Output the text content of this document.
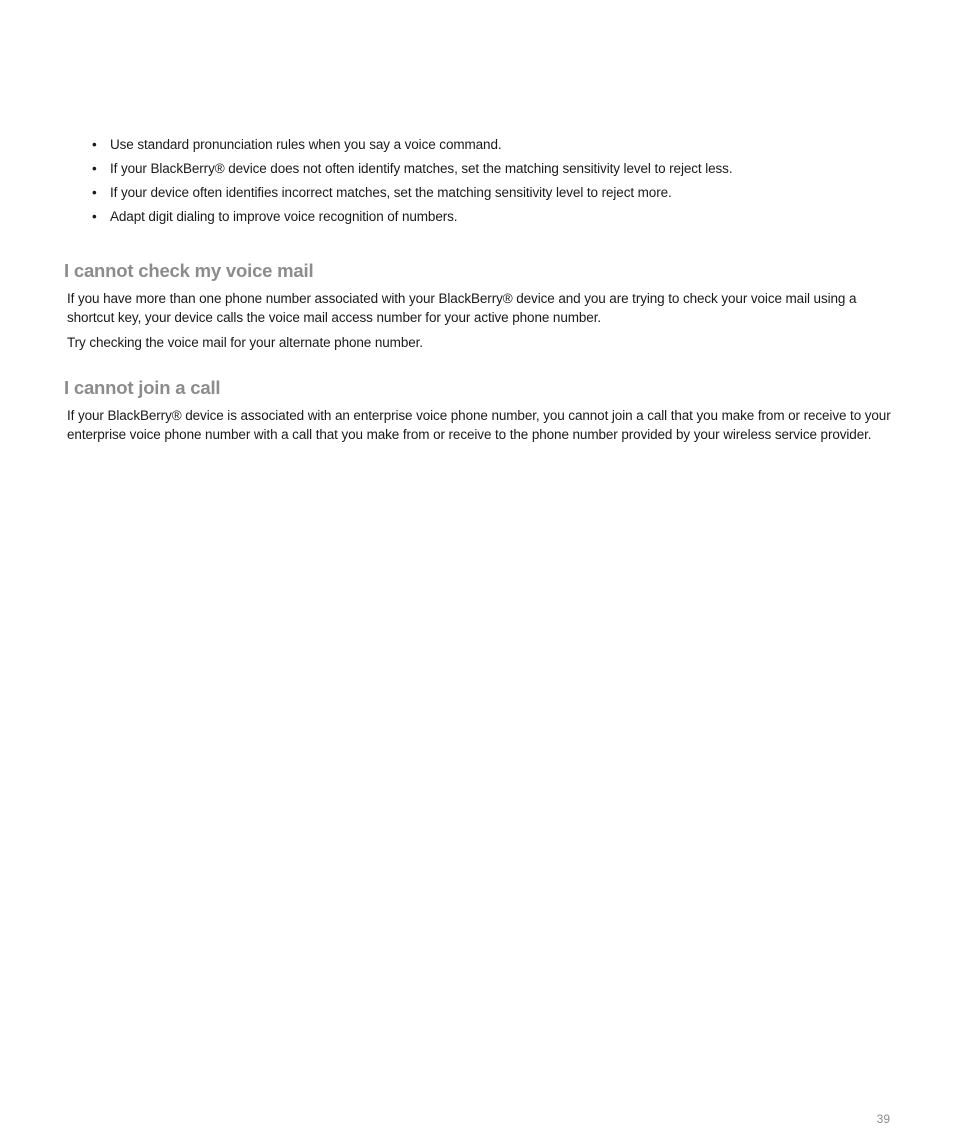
• Use standard pronunciation rules when you say a voice command.
• If your BlackBerry® device does not often identify matches, set the matching sensitivity level to reject less.
• If your device often identifies incorrect matches, set the matching sensitivity level to reject more.
• Adapt digit dialing to improve voice recognition of numbers.
I cannot check my voice mail

If you have more than one phone number associated with your BlackBerry® device and you are trying to check your voice mail using a shortcut key, your device calls the voice mail access number for your active phone number.

Try checking the voice mail for your alternate phone number.

I cannot join a call

If your BlackBerry® device is associated with an enterprise voice phone number, you cannot join a call that you make from or receive to your enterprise voice phone number with a call that you make from or receive to the phone number provided by your wireless service provider.

39
